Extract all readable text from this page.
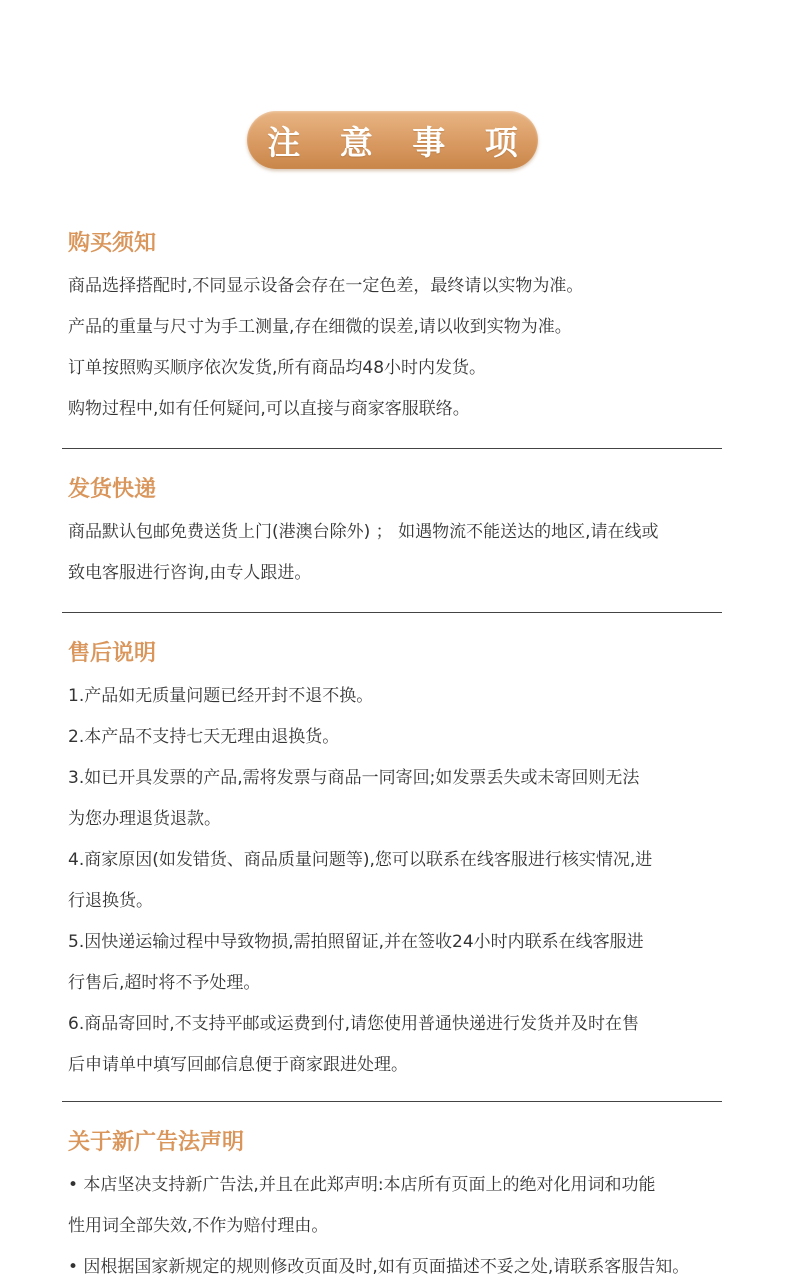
注 意 事 项
购买须知
商品选择搭配时,不同显示设备会存在一定色差，最终请以实物为准。
产品的重量与尺寸为手工测量,存在细微的误差,请以收到实物为准。
订单按照购买顺序依次发货,所有商品均48小时内发货。
购物过程中,如有任何疑问,可以直接与商家客服联络。
发货快递
商品默认包邮免费送货上门(港澳台除外) ； 如遇物流不能送达的地区,请在线或
致电客服进行咨询,由专人跟进。
售后说明
1.产品如无质量问题已经开封不退不换。
2.本产品不支持七天无理由退换货。
3.如已开具发票的产品,需将发票与商品一同寄回;如发票丢失或未寄回则无法
为您办理退货退款。
4.商家原因(如发错货、商品质量问题等),您可以联系在线客服进行核实情况,进
行退换货。
5.因快递运输过程中导致物损,需拍照留证,并在签收24小时内联系在线客服进
行售后,超时将不予处理。
6.商品寄回时,不支持平邮或运费到付,请您使用普通快递进行发货并及时在售
后申请单中填写回邮信息便于商家跟进处理。
关于新广告法声明
• 本店坚决支持新广告法,并且在此郑声明:本店所有页面上的绝对化用词和功能
性用词全部失效,不作为赔付理由。
• 因根据国家新规定的规则修改页面及时,如有页面描述不妥之处,请联系客服告知。
